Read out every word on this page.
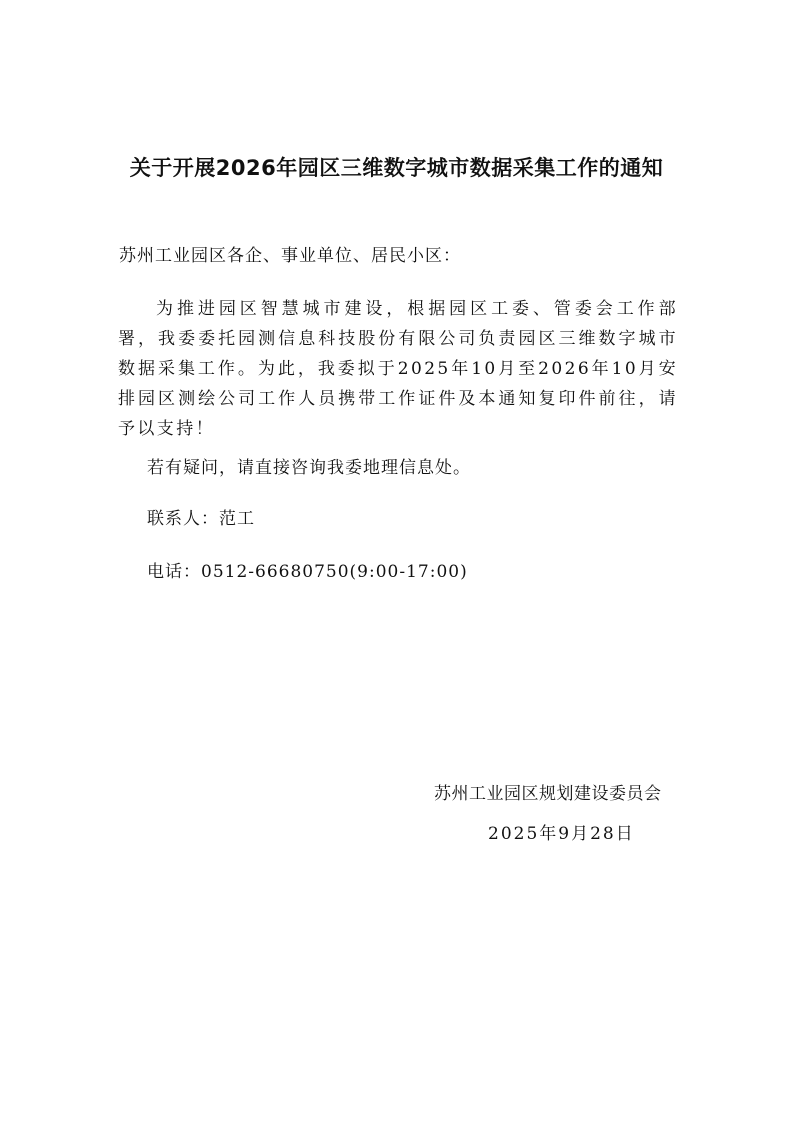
关于开展2026年园区三维数字城市数据采集工作的通知
苏州工业园区各企、事业单位、居民小区：
为推进园区智慧城市建设，根据园区工委、管委会工作部署，我委委托园测信息科技股份有限公司负责园区三维数字城市数据采集工作。为此，我委拟于2025年10月至2026年10月安排园区测绘公司工作人员携带工作证件及本通知复印件前往，请予以支持！
若有疑问，请直接咨询我委地理信息处。
联系人：范工
电话：0512-66680750(9:00-17:00)
苏州工业园区规划建设委员会
2025年9月28日
